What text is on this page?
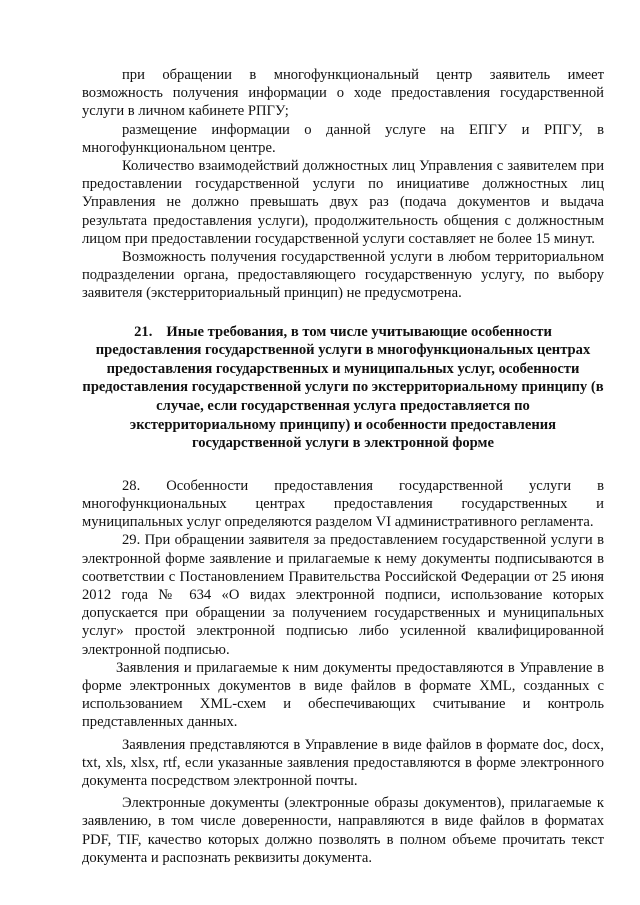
при обращении в многофункциональный центр заявитель имеет возможность получения информации о ходе предоставления государственной услуги в личном кабинете РПГУ;

размещение информации о данной услуге на ЕПГУ и РПГУ, в многофункциональном центре.

Количество взаимодействий должностных лиц Управления с заявителем при предоставлении государственной услуги по инициативе должностных лиц Управления не должно превышать двух раз (подача документов и выдача результата предоставления услуги), продолжительность общения с должностным лицом при предоставлении государственной услуги составляет не более 15 минут.

Возможность получения государственной услуги в любом территориальном подразделении органа, предоставляющего государственную услугу, по выбору заявителя (экстерриториальный принцип) не предусмотрена.

21. Иные требования, в том числе учитывающие особенности предоставления государственной услуги в многофункциональных центрах предоставления государственных и муниципальных услуг, особенности предоставления государственной услуги по экстерриториальному принципу (в случае, если государственная услуга предоставляется по экстерриториальному принципу) и особенности предоставления государственной услуги в электронной форме

28. Особенности предоставления государственной услуги в многофункциональных центрах предоставления государственных и муниципальных услуг определяются разделом VI административного регламента.

29. При обращении заявителя за предоставлением государственной услуги в электронной форме заявление и прилагаемые к нему документы подписываются в соответствии с Постановлением Правительства Российской Федерации от 25 июня 2012 года № 634 «О видах электронной подписи, использование которых допускается при обращении за получением государственных и муниципальных услуг» простой электронной подписью либо усиленной квалифицированной электронной подписью.

Заявления и прилагаемые к ним документы предоставляются в Управление в форме электронных документов в виде файлов в формате XML, созданных с использованием XML-схем и обеспечивающих считывание и контроль представленных данных.

Заявления представляются в Управление в виде файлов в формате doc, docx, txt, xls, xlsx, rtf, если указанные заявления предоставляются в форме электронного документа посредством электронной почты.

Электронные документы (электронные образы документов), прилагаемые к заявлению, в том числе доверенности, направляются в виде файлов в форматах PDF, TIF, качество которых должно позволять в полном объеме прочитать текст документа и распознать реквизиты документа.
